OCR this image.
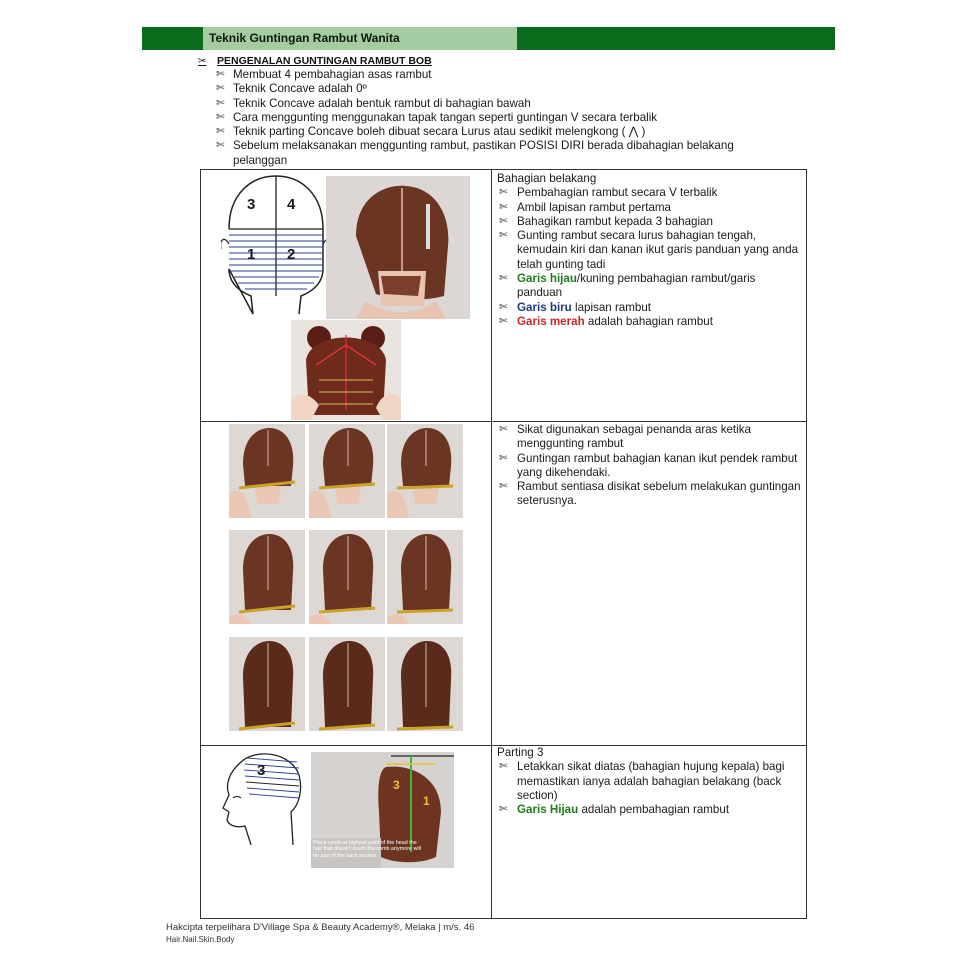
Teknik Guntingan Rambut Wanita
✂	PENGENALAN GUNTINGAN RAMBUT BOB
✄ Membuat 4 pembahagian asas rambut
✄ Teknik Concave adalah 0º
✄ Teknik Concave adalah bentuk rambut di bahagian bawah
✄ Cara menggunting menggunakan tapak tangan seperti guntingan V secara terbalik
✄ Teknik parting Concave boleh dibuat secara Lurus atau sedikit melengkong ( ⋀ )
✄ Sebelum melaksanakan menggunting rambut, pastikan POSISI DIRI berada dibahagian belakang pelanggan
3 4
1 2
Bahagian belakang
✄ Pembahagian rambut secara V terbalik
✄ Ambil lapisan rambut pertama
✄ Bahagikan rambut kepada 3 bahagian
✄ Gunting rambut secara lurus bahagian tengah, kemudain kiri dan kanan ikut garis panduan yang anda telah gunting tadi
✄ Garis hijau/kuning pembahagian rambut/garis panduan
✄ Garis biru lapisan rambut
✄ Garis merah adalah bahagian rambut
✄ Sikat digunakan sebagai penanda aras ketika menggunting rambut
✄ Guntingan rambut bahagian kanan ikut pendek rambut yang dikehendaki.
✄ Rambut sentiasa disikat sebelum melakukan guntingan seterusnya.
3
3
1
Place comb at highest point of the head the hair that doesn't touch the comb anymore will be part of the back section
Parting 3
✄ Letakkan sikat diatas (bahagian hujung kepala) bagi memastikan ianya adalah bahagian belakang (back section)
✄ Garis Hijau adalah pembahagian rambut
Hakcipta terpelihara D'Village Spa & Beauty Academy®, Melaka | m/s. 46
Hair.Nail.Skin.Body
